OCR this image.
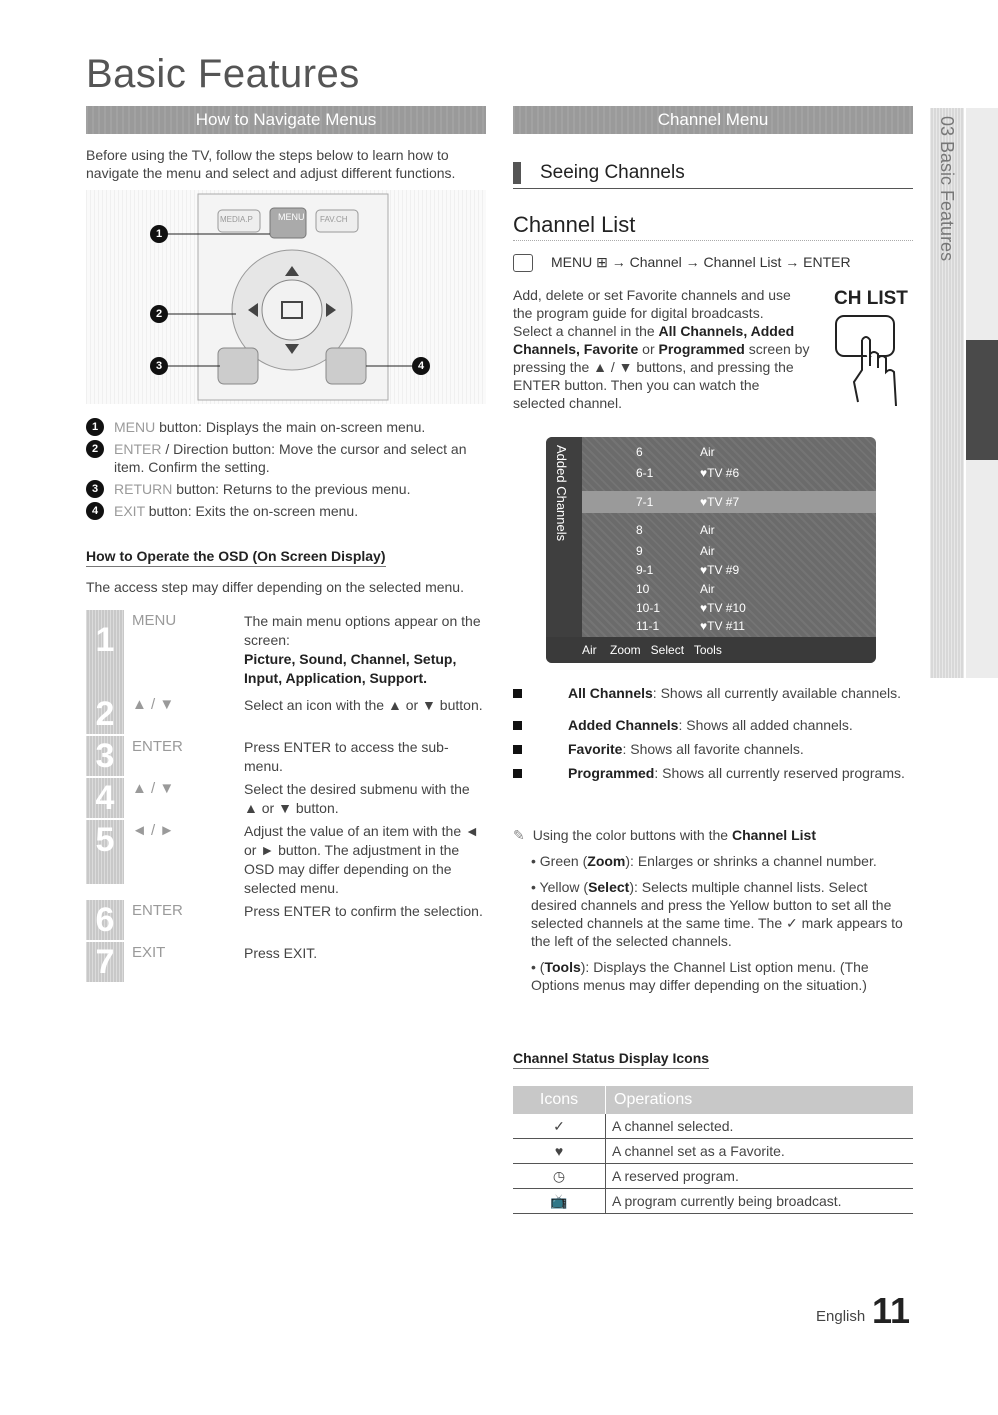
Basic Features
How to Navigate Menus
Before using the TV, follow the steps below to learn how to navigate the menu and select and adjust different functions.
MENU
MEDIA.P	FAV.CH
1
2
3	4
1	MENU button: Displays the main on-screen menu.
2	ENTER / Direction button: Move the cursor and select an item. Confirm the setting.
3	RETURN button: Returns to the previous menu.
4	EXIT button: Exits the on-screen menu.
How to Operate the OSD (On Screen Display)
The access step may differ depending on the selected menu.
1
MENU	The main menu options appear on the screen:
Picture, Sound, Channel, Setup, Input, Application, Support.
2	▲ / ▼	Select an icon with the ▲ or ▼ button.
3	ENTER	Press ENTER to access the sub-menu.
4	▲ / ▼	Select the desired submenu with the ▲ or ▼ button.
5	◄ / ►	Adjust the value of an item with the ◄ or ► button. The adjustment in the OSD may differ depending on the selected menu.
6	ENTER	Press ENTER to confirm the selection.
7	EXIT	Press EXIT.
Channel Menu
Seeing Channels
Channel List
MENU ⊞ → Channel → Channel List → ENTER
Add, delete or set Favorite channels and use the program guide for digital broadcasts.
Select a channel in the All Channels, Added Channels, Favorite or Programmed screen by pressing the ▲ / ▼ buttons, and pressing the ENTER button. Then you can watch the selected channel.
CH LIST
Added Channels	6	Air
6-1	♥TV #6
7-1	♥TV #7
8	Air
9	Air
9-1	♥TV #9
10	Air
10-1	♥TV #10
11-1	♥TV #11
Air    Zoom   Select   Tools
All Channels: Shows all currently available channels.
Added Channels: Shows all added channels.
Favorite: Shows all favorite channels.
Programmed: Shows all currently reserved programs.
✎ Using the color buttons with the Channel List
• Green (Zoom): Enlarges or shrinks a channel number.
• Yellow (Select): Selects multiple channel lists. Select desired channels and press the Yellow button to set all the selected channels at the same time. The ✓ mark appears to the left of the selected channels.
• (Tools): Displays the Channel List option menu. (The Options menus may differ depending on the situation.)
Channel Status Display Icons
Icons	Operations
✓	A channel selected.
♥	A channel set as a Favorite.
◷	A reserved program.
📺	A program currently being broadcast.
03 Basic Features
English 11
